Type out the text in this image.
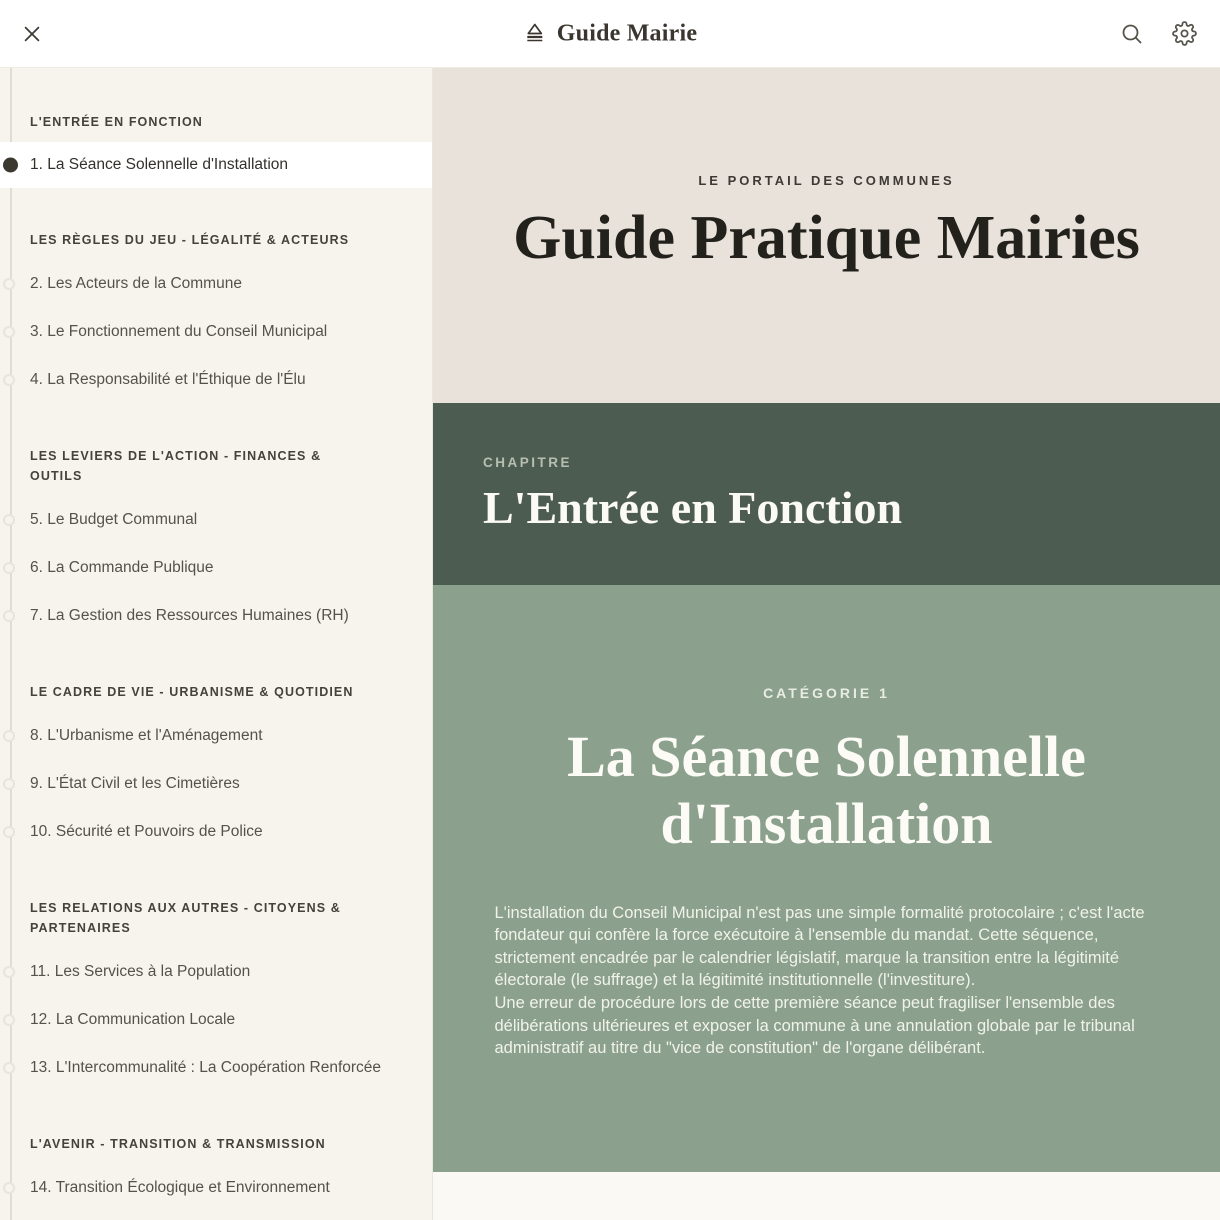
Guide Mairie
L'ENTRÉE EN FONCTION
1. La Séance Solennelle d'Installation
LES RÈGLES DU JEU - LÉGALITÉ & ACTEURS
2. Les Acteurs de la Commune
3. Le Fonctionnement du Conseil Municipal
4. La Responsabilité et l'Éthique de l'Élu
LES LEVIERS DE L'ACTION - FINANCES & OUTILS
5. Le Budget Communal
6. La Commande Publique
7. La Gestion des Ressources Humaines (RH)
LE CADRE DE VIE - URBANISME & QUOTIDIEN
8. L'Urbanisme et l'Aménagement
9. L'État Civil et les Cimetières
10. Sécurité et Pouvoirs de Police
LES RELATIONS AUX AUTRES - CITOYENS & PARTENAIRES
11. Les Services à la Population
12. La Communication Locale
13. L'Intercommunalité : La Coopération Renforcée
L'AVENIR - TRANSITION & TRANSMISSION
14. Transition Écologique et Environnement
LE PORTAIL DES COMMUNES
Guide Pratique Mairies
CHAPITRE
L'Entrée en Fonction
CATÉGORIE 1
La Séance Solennelle d'Installation

L'installation du Conseil Municipal n'est pas une simple formalité protocolaire ; c'est l'acte fondateur qui confère la force exécutoire à l'ensemble du mandat. Cette séquence, strictement encadrée par le calendrier législatif, marque la transition entre la légitimité électorale (le suffrage) et la légitimité institutionnelle (l'investiture).

Une erreur de procédure lors de cette première séance peut fragiliser l'ensemble des délibérations ultérieures et exposer la commune à une annulation globale par le tribunal administratif au titre du "vice de constitution" de l'organe délibérant.
